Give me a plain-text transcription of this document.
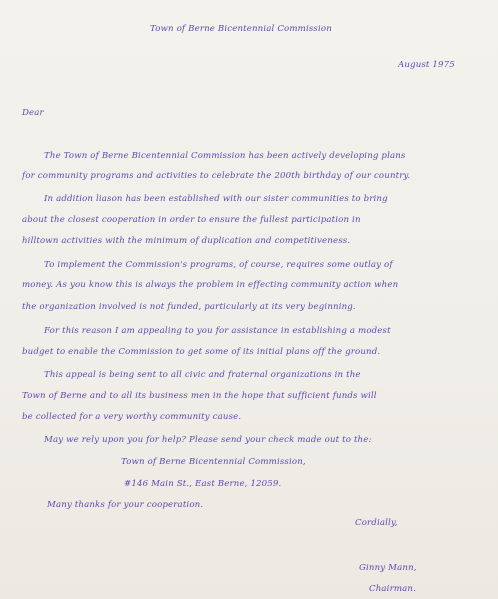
Town of Berne Bicentennial Commission
August 1975
Dear
The Town of Berne Bicentennial Commission has been actively developing plans
for community programs and activities to celebrate the 200th birthday of our country.
In addition liason has been established with our sister communities to bring
about the closest cooperation in order to ensure the fullest participation in
hilltown activities with the minimum of duplication and competitiveness.
To implement the Commission's programs, of course, requires some outlay of
money. As you know this is always the problem in effecting community action when
the organization involved is not funded, particularly at its very beginning.
For this reason I am appealing to you for assistance in establishing a modest
budget to enable the Commission to get some of its initial plans off the ground.
This appeal is being sent to all civic and fraternal organizations in the
Town of Berne and to all its business men in the hope that sufficient funds will
be collected for a very worthy community cause.
May we rely upon you for help? Please send your check made out to the:
Town of Berne Bicentennial Commission,
#146 Main St., East Berne, 12059.
Many thanks for your cooperation.
Cordially,
Ginny Mann,
Chairman.
